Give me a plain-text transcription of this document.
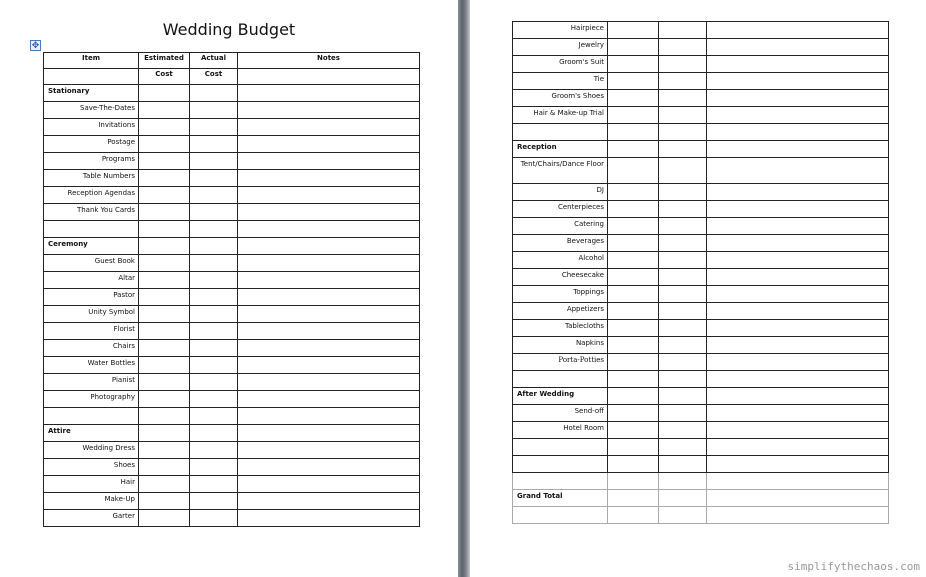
Wedding Budget
✥
Item	Estimated	Actual	Notes

	Cost	Cost	

Stationary			

Save-The-Dates			

Invitations			

Postage			

Programs			

Table Numbers			

Reception Agendas			

Thank You Cards			

Ceremony			

Guest Book			

Altar			

Pastor			

Unity Symbol			

Florist			

Chairs			

Water Bottles			

Pianist			

Photography			

Attire			

Wedding Dress			

Shoes			

Hair			

Make-Up			

Garter			

Hairpiece			

Jewelry			

Groom's Suit			

Tie			

Groom's Shoes			

Hair & Make-up Trial			

Reception			

Tent/Chairs/Dance Floor			

DJ			

Centerpieces			

Catering			

Beverages			

Alcohol			

Cheesecake			

Toppings			

Appetizers			

Tablecloths			

Napkins			

Porta-Potties			

After Wedding			

Send-off			

Hotel Room			

Grand Total			

simplifythechaos.com
